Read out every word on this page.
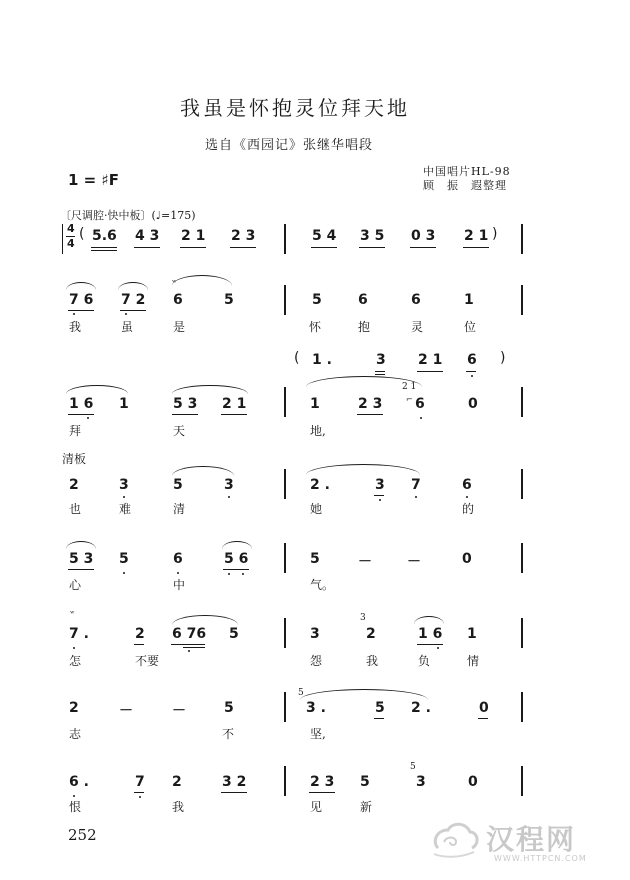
我虽是怀抱灵位拜天地
选自《西园记》张继华唱段
1 = ♯F	中国唱片HL-98
顾　振　遐整理
〔尺调腔·快中板〕(♩=175)
4
4
( 5.6 4 3 2 1 2 3	5 4 3 5 0 3 2 1 )
ʷ
7 6 7 2 6	5	5	6	6	1
我	虽	是	怀	抱	灵	位
( 1 .	3 2 1 6 )
1 6 1	5 3 2 1	1	2 3
2 1
⌐ 6	0
拜	天	地,
清板
2	3	5	3	2 .	3 7	6
也	难	清	她	的
5 3 5	6	5 6	5	－	－	0
心	中	气。
ʷ
7 .	2 6 76 5	3
3
2	1 6 1
怎	不要	怨	我	负	情
2	－	－	5
5
3 .	5 2 .	0
志	不	坚,
6 .	7 2	3 2	2 3 5
5
3	0
恨	我	见	新
252	汉程网
WWW.HTTPCN.COM
